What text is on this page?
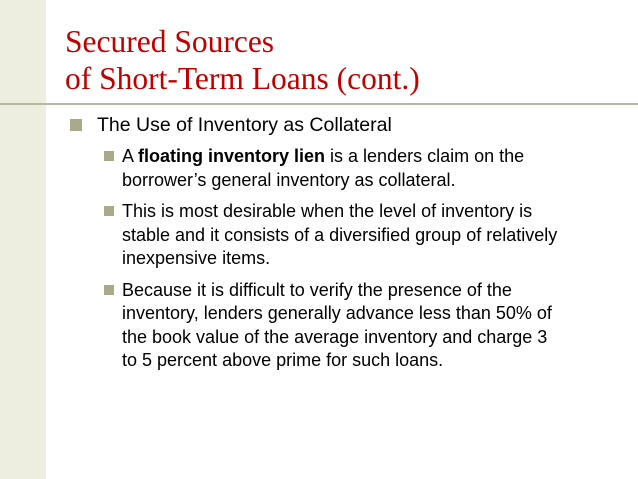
Secured Sources
of Short-Term Loans (cont.)

The Use of Inventory as Collateral

A floating inventory lien is a lenders claim on the
borrower’s general inventory as collateral.
This is most desirable when the level of inventory is
stable and it consists of a diversified group of relatively
inexpensive items.
Because it is difficult to verify the presence of the
inventory, lenders generally advance less than 50% of
the book value of the average inventory and charge 3
to 5 percent above prime for such loans.
